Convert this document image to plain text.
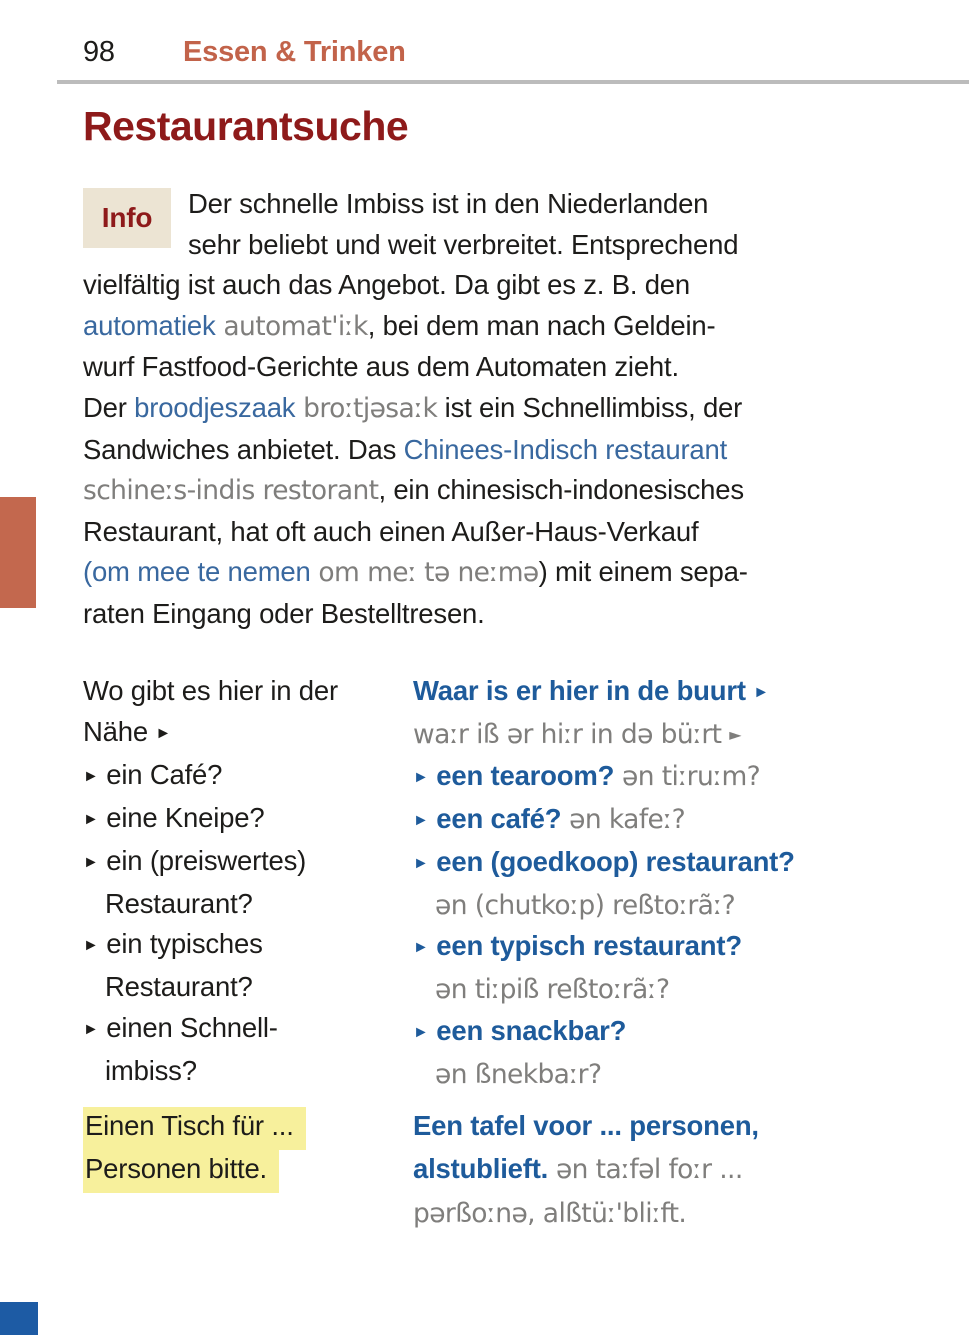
98 Essen & Trinken
Restaurantsuche
Info	Der schnelle Imbiss ist in den Niederlanden
sehr beliebt und weit verbreitet. Entsprechend
vielfältig ist auch das Angebot. Da gibt es z. B. den
automatiek automat'iːk, bei dem man nach Geldein-
wurf Fastfood-Gerichte aus dem Automaten zieht.
Der broodjeszaak broːtjəsaːk ist ein Schnellimbiss, der
Sandwiches anbietet. Das Chinees-Indisch restaurant
schineːs-indis restorant, ein chinesisch-indonesisches
Restaurant, hat oft auch einen Außer-Haus-Verkauf
(om mee te nemen om meː tə neːmə) mit einem sepa-
raten Eingang oder Bestelltresen.
Wo gibt es hier in der
Nähe ►
► ein Café?
► eine Kneipe?
► ein (preiswertes)
Restaurant?
► ein typisches
Restaurant?
► einen Schnell-
imbiss?
Waar is er hier in de buurt ►
waːr iß ər hiːr in də büːrt ►
► een tearoom? ən tiːruːm?
► een café? ən kafeː?
► een (goedkoop) restaurant?
ən (chutkoːp) reßtoːrãː?
► een typisch restaurant?
ən tiːpiß reßtoːrãː?
► een snackbar?
ən ßnekbaːr?
Einen Tisch für ...
Personen bitte.
Een tafel voor ... personen,
alstublieft. ən taːfəl foːr ...
pərßoːnə, alßtüː'bliːft.
